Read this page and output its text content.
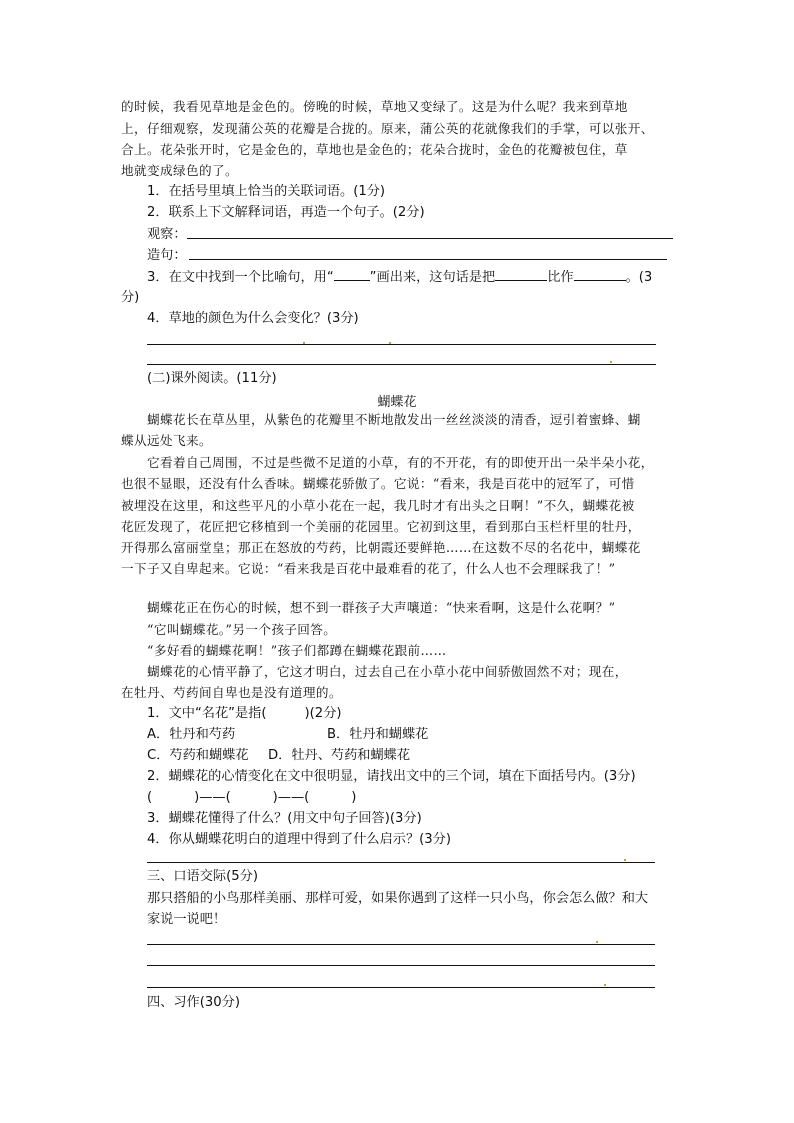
的时候，我看见草地是金色的。傍晚的时候，草地又变绿了。这是为什么呢？我来到草地
上，仔细观察，发现蒲公英的花瓣是合拢的。原来，蒲公英的花就像我们的手掌，可以张开、
合上。花朵张开时，它是金色的，草地也是金色的；花朵合拢时，金色的花瓣被包住，草
地就变成绿色的了。
1．在括号里填上恰当的关联词语。(1分)
2．联系上下文解释词语，再造一个句子。(2分)
观察：
造句：
3．在文中找到一个比喻句，用“	”画出来，这句话是把	比作	。(3
分)
4．草地的颜色为什么会变化？(3分)
(二)课外阅读。(11分)
蝴蝶花
蝴蝶花长在草丛里，从紫色的花瓣里不断地散发出一丝丝淡淡的清香，逗引着蜜蜂、蝴
蝶从远处飞来。
它看着自己周围，不过是些微不足道的小草，有的不开花，有的即使开出一朵半朵小花，
也很不显眼，还没有什么香味。蝴蝶花骄傲了。它说：“看来，我是百花中的冠军了，可惜
被埋没在这里，和这些平凡的小草小花在一起，我几时才有出头之日啊！”不久，蝴蝶花被
花匠发现了，花匠把它移植到一个美丽的花园里。它初到这里，看到那白玉栏杆里的牡丹，
开得那么富丽堂皇；那正在怒放的芍药，比朝霞还要鲜艳……在这数不尽的名花中，蝴蝶花
一下子又自卑起来。它说：“看来我是百花中最难看的花了，什么人也不会理睬我了！”
蝴蝶花正在伤心的时候，想不到一群孩子大声嚷道：“快来看啊，这是什么花啊？”
“它叫蝴蝶花。”另一个孩子回答。
“多好看的蝴蝶花啊！”孩子们都蹲在蝴蝶花跟前……
蝴蝶花的心情平静了，它这才明白，过去自己在小草小花中间骄傲固然不对；现在，
在牡丹、芍药间自卑也是没有道理的。
1．文中“名花”是指(	)(2分)
A．牡丹和芍药	B．牡丹和蝴蝶花
C．芍药和蝴蝶花 D．牡丹、芍药和蝴蝶花
2．蝴蝶花的心情变化在文中很明显，请找出文中的三个词，填在下面括号内。(3分)
(          )——(          )——(          )
3．蝴蝶花懂得了什么？(用文中句子回答)(3分)
4．你从蝴蝶花明白的道理中得到了什么启示？(3分)
三、口语交际(5分)
那只搭船的小鸟那样美丽、那样可爱，如果你遇到了这样一只小鸟，你会怎么做？和大
家说一说吧！
四、习作(30分)
